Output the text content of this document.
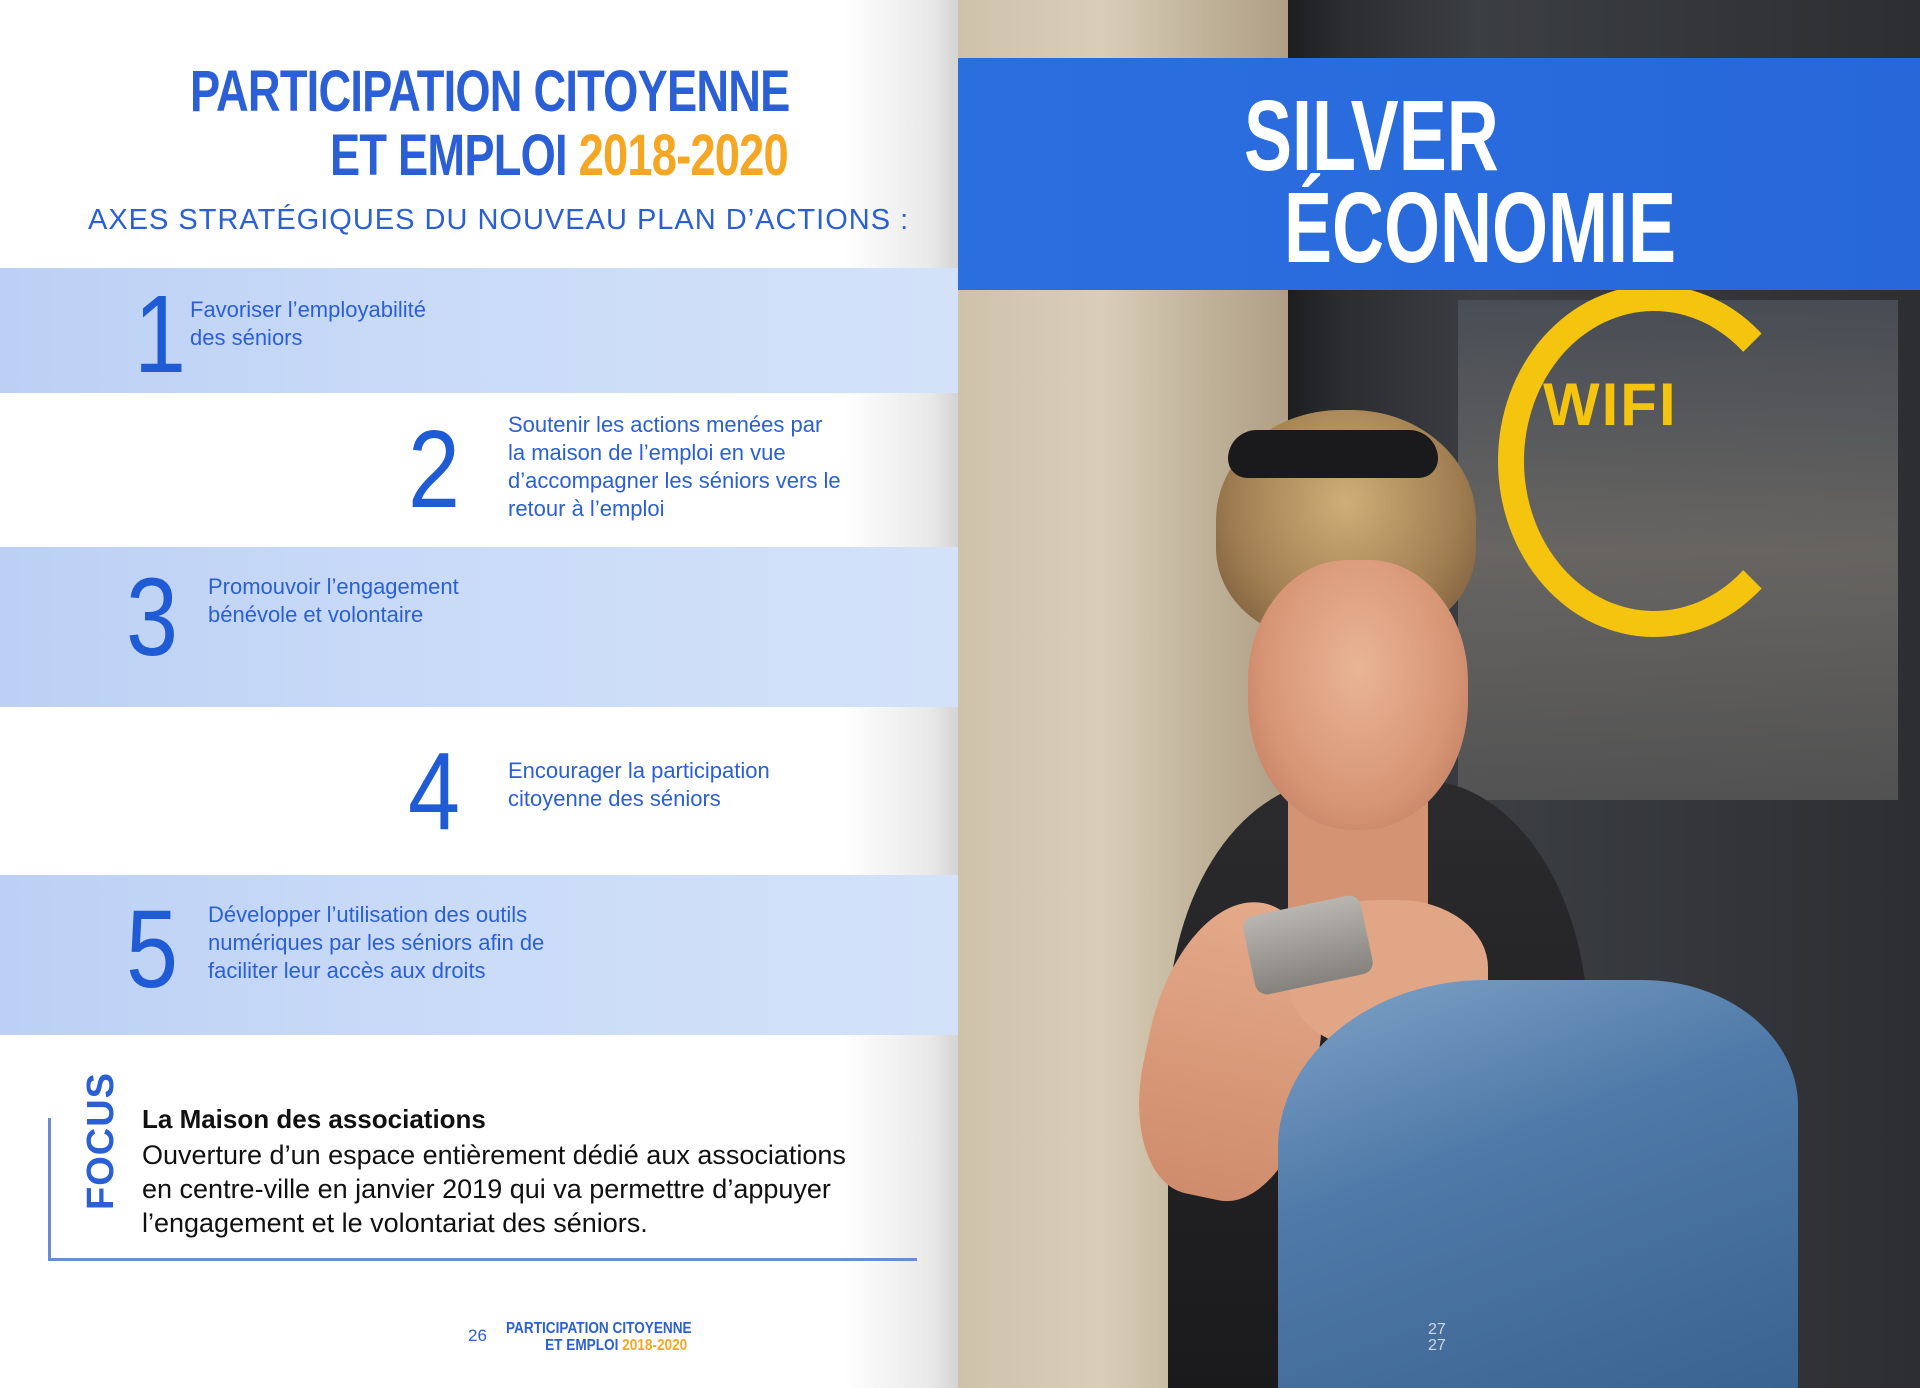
PARTICIPATION CITOYENNE
ET EMPLOI 2018-2020
AXES STRATÉGIQUES DU NOUVEAU PLAN D’ACTIONS :
1 Favoriser l’employabilité
des séniors
2 Soutenir les actions menées par
la maison de l’emploi en vue
d’accompagner les séniors vers le
retour à l’emploi
3 Promouvoir l’engagement
bénévole et volontaire
4 Encourager la participation
citoyenne des séniors
5 Développer l’utilisation des outils
numériques par les séniors afin de
faciliter leur accès aux droits
FOCUS La Maison des associations
Ouverture d’un espace entièrement dédié aux associations
en centre-ville en janvier 2019 qui va permettre d’appuyer
l’engagement et le volontariat des séniors.
26 PARTICIPATION CITOYENNE
ET EMPLOI 2018-2020
WIFI
SILVER
ÉCONOMIE
27
27
